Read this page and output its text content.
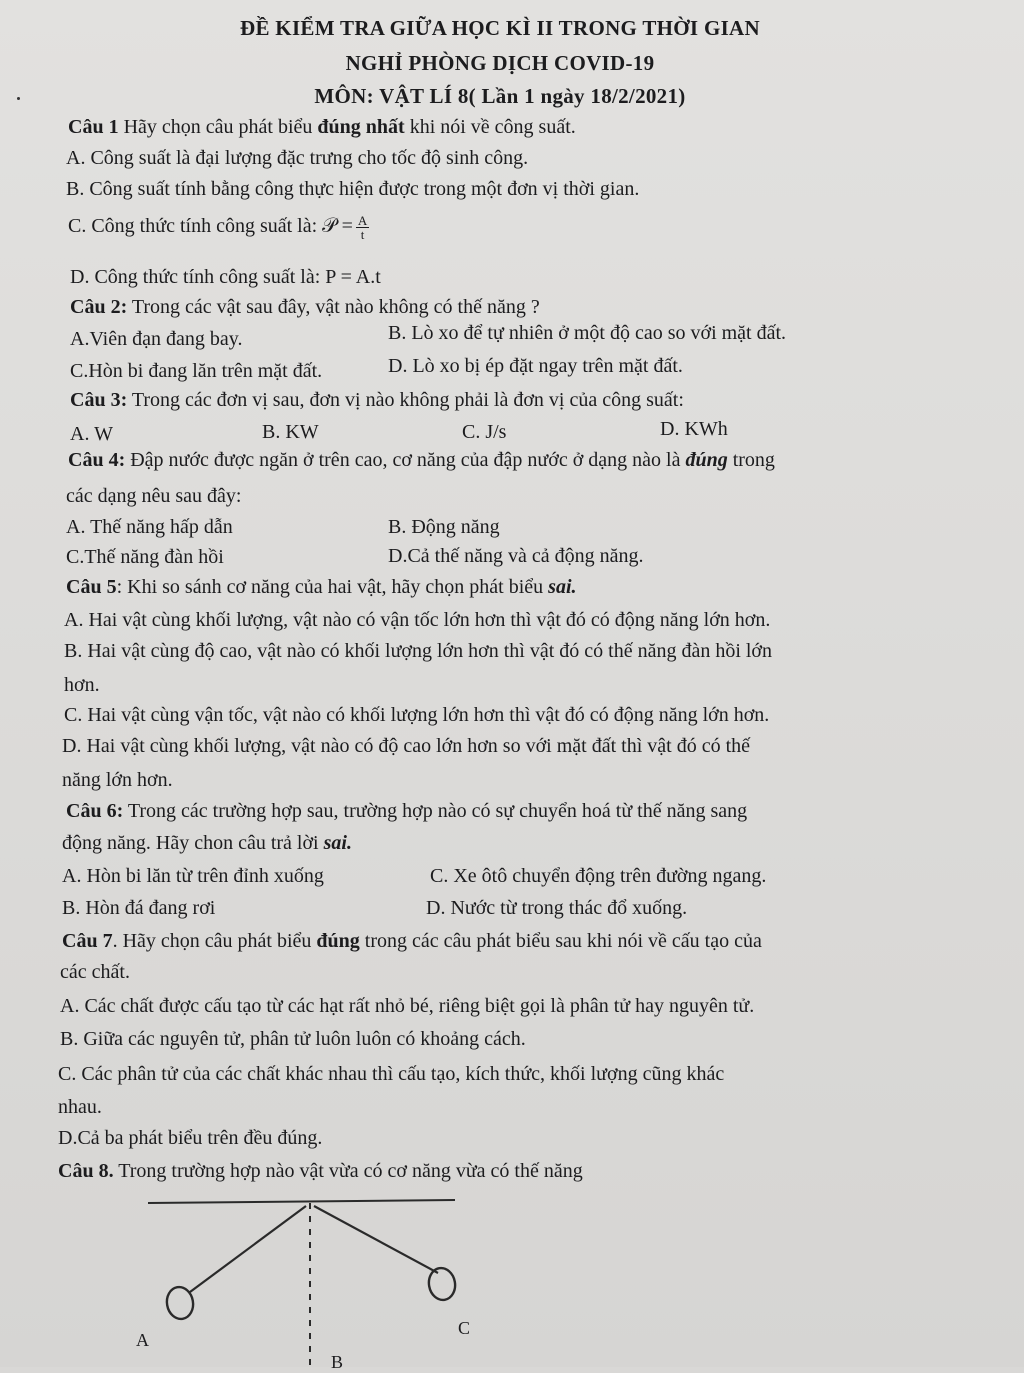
ĐỀ KIỂM TRA GIỮA HỌC KÌ II TRONG THỜI GIAN
NGHỈ PHÒNG DỊCH COVID-19
MÔN: VẬT LÍ 8( Lần 1 ngày 18/2/2021)
Câu 1 Hãy chọn câu phát biểu đúng nhất khi nói về công suất.
A. Công suất là đại lượng đặc trưng cho tốc độ sinh công.
B. Công suất tính bằng công thực hiện được trong một đơn vị thời gian.
C. Công thức tính công suất là: 𝒫 = $\frac{A}{t}$
D. Công thức tính công suất là: P = A.t
Câu 2: Trong các vật sau đây, vật nào không có thế năng ?
A.Viên đạn đang bay.	B. Lò xo để tự nhiên ở một độ cao so với mặt đất.
C.Hòn bi đang lăn trên mặt đất.	D. Lò xo bị ép đặt ngay trên mặt đất.
Câu 3: Trong các đơn vị sau, đơn vị nào không phải là đơn vị của công suất:
A. W	B. KW	C. J/s	D. KWh
Câu 4: Đập nước được ngăn ở trên cao, cơ năng của đập nước ở dạng nào là đúng trong
các dạng nêu sau đây:
A. Thế năng hấp dẫn	B. Động năng
C.Thế năng đàn hồi	D.Cả thế năng và cả động năng.
Câu 5: Khi so sánh cơ năng của hai vật, hãy chọn phát biểu sai.
A. Hai vật cùng khối lượng, vật nào có vận tốc lớn hơn thì vật đó có động năng lớn hơn.
B. Hai vật cùng độ cao, vật nào có khối lượng lớn hơn thì vật đó có thế năng đàn hồi lớn
hơn.
C. Hai vật cùng vận tốc, vật nào có khối lượng lớn hơn thì vật đó có động năng lớn hơn.
D. Hai vật cùng khối lượng, vật nào có độ cao lớn hơn so với mặt đất thì vật đó có thế
năng lớn hơn.
Câu 6: Trong các trường hợp sau, trường hợp nào có sự chuyển hoá từ thế năng sang
động năng. Hãy chon câu trả lời sai.
A. Hòn bi lăn từ trên đỉnh xuống	C. Xe ôtô chuyển động trên đường ngang.
B. Hòn đá đang rơi	D. Nước từ trong thác đổ xuống.
Câu 7. Hãy chọn câu phát biểu đúng trong các câu phát biểu sau khi nói về cấu tạo của
các chất.
A. Các chất được cấu tạo từ các hạt rất nhỏ bé, riêng biệt gọi là phân tử hay nguyên tử.
B. Giữa các nguyên tử, phân tử luôn luôn có khoảng cách.
C. Các phân tử của các chất khác nhau thì cấu tạo, kích thức, khối lượng cũng khác
nhau.
D.Cả ba phát biểu trên đều đúng.
Câu 8. Trong trường hợp nào vật vừa có cơ năng vừa có thế năng
A
C
B
